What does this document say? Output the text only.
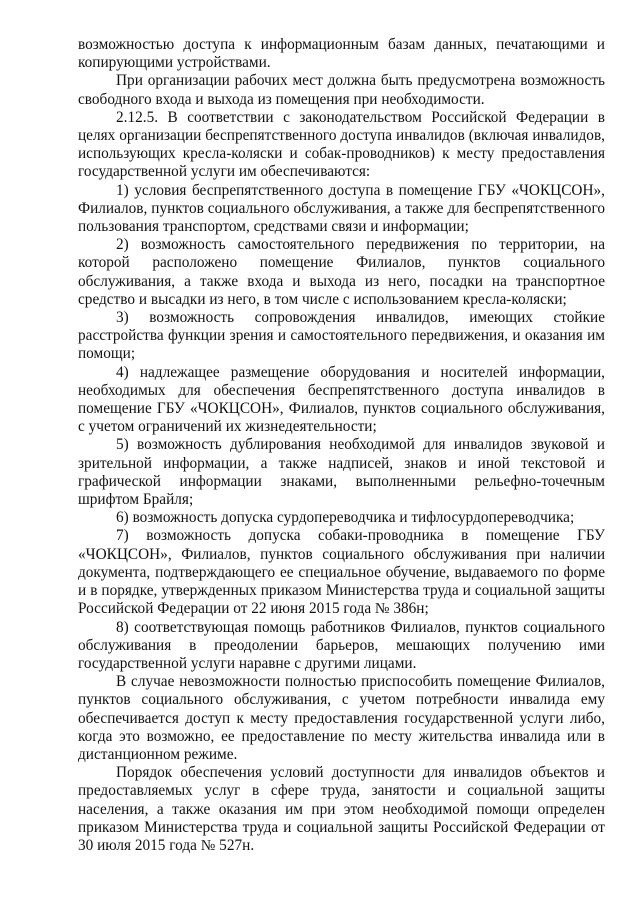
возможностью доступа к информационным базам данных, печатающими и копирующими устройствами.

При организации рабочих мест должна быть предусмотрена возможность свободного входа и выхода из помещения при необходимости.

2.12.5. В соответствии с законодательством Российской Федерации в целях организации беспрепятственного доступа инвалидов (включая инвалидов, использующих кресла-коляски и собак-проводников) к месту предоставления государственной услуги им обеспечиваются:

1) условия беспрепятственного доступа в помещение ГБУ «ЧОКЦСОН», Филиалов, пунктов социального обслуживания, а также для беспрепятственного пользования транспортом, средствами связи и информации;

2) возможность самостоятельного передвижения по территории, на которой расположено помещение Филиалов, пунктов социального обслуживания, а также входа и выхода из него, посадки на транспортное средство и высадки из него, в том числе с использованием кресла-коляски;

3) возможность сопровождения инвалидов, имеющих стойкие расстройства функции зрения и самостоятельного передвижения, и оказания им помощи;

4) надлежащее размещение оборудования и носителей информации, необходимых для обеспечения беспрепятственного доступа инвалидов в помещение ГБУ «ЧОКЦСОН», Филиалов, пунктов социального обслуживания, с учетом ограничений их жизнедеятельности;

5) возможность дублирования необходимой для инвалидов звуковой и зрительной информации, а также надписей, знаков и иной текстовой и графической информации знаками, выполненными рельефно-точечным шрифтом Брайля;

6) возможность допуска сурдопереводчика и тифлосурдопереводчика;

7) возможность допуска собаки-проводника в помещение ГБУ «ЧОКЦСОН», Филиалов, пунктов социального обслуживания при наличии документа, подтверждающего ее специальное обучение, выдаваемого по форме и в порядке, утвержденных приказом Министерства труда и социальной защиты Российской Федерации от 22 июня 2015 года № 386н;

8) соответствующая помощь работников Филиалов, пунктов социального обслуживания в преодолении барьеров, мешающих получению ими государственной услуги наравне с другими лицами.

В случае невозможности полностью приспособить помещение Филиалов, пунктов социального обслуживания, с учетом потребности инвалида ему обеспечивается доступ к месту предоставления государственной услуги либо, когда это возможно, ее предоставление по месту жительства инвалида или в дистанционном режиме.

Порядок обеспечения условий доступности для инвалидов объектов и предоставляемых услуг в сфере труда, занятости и социальной защиты населения, а также оказания им при этом необходимой помощи определен приказом Министерства труда и социальной защиты Российской Федерации от 30 июля 2015 года № 527н.
